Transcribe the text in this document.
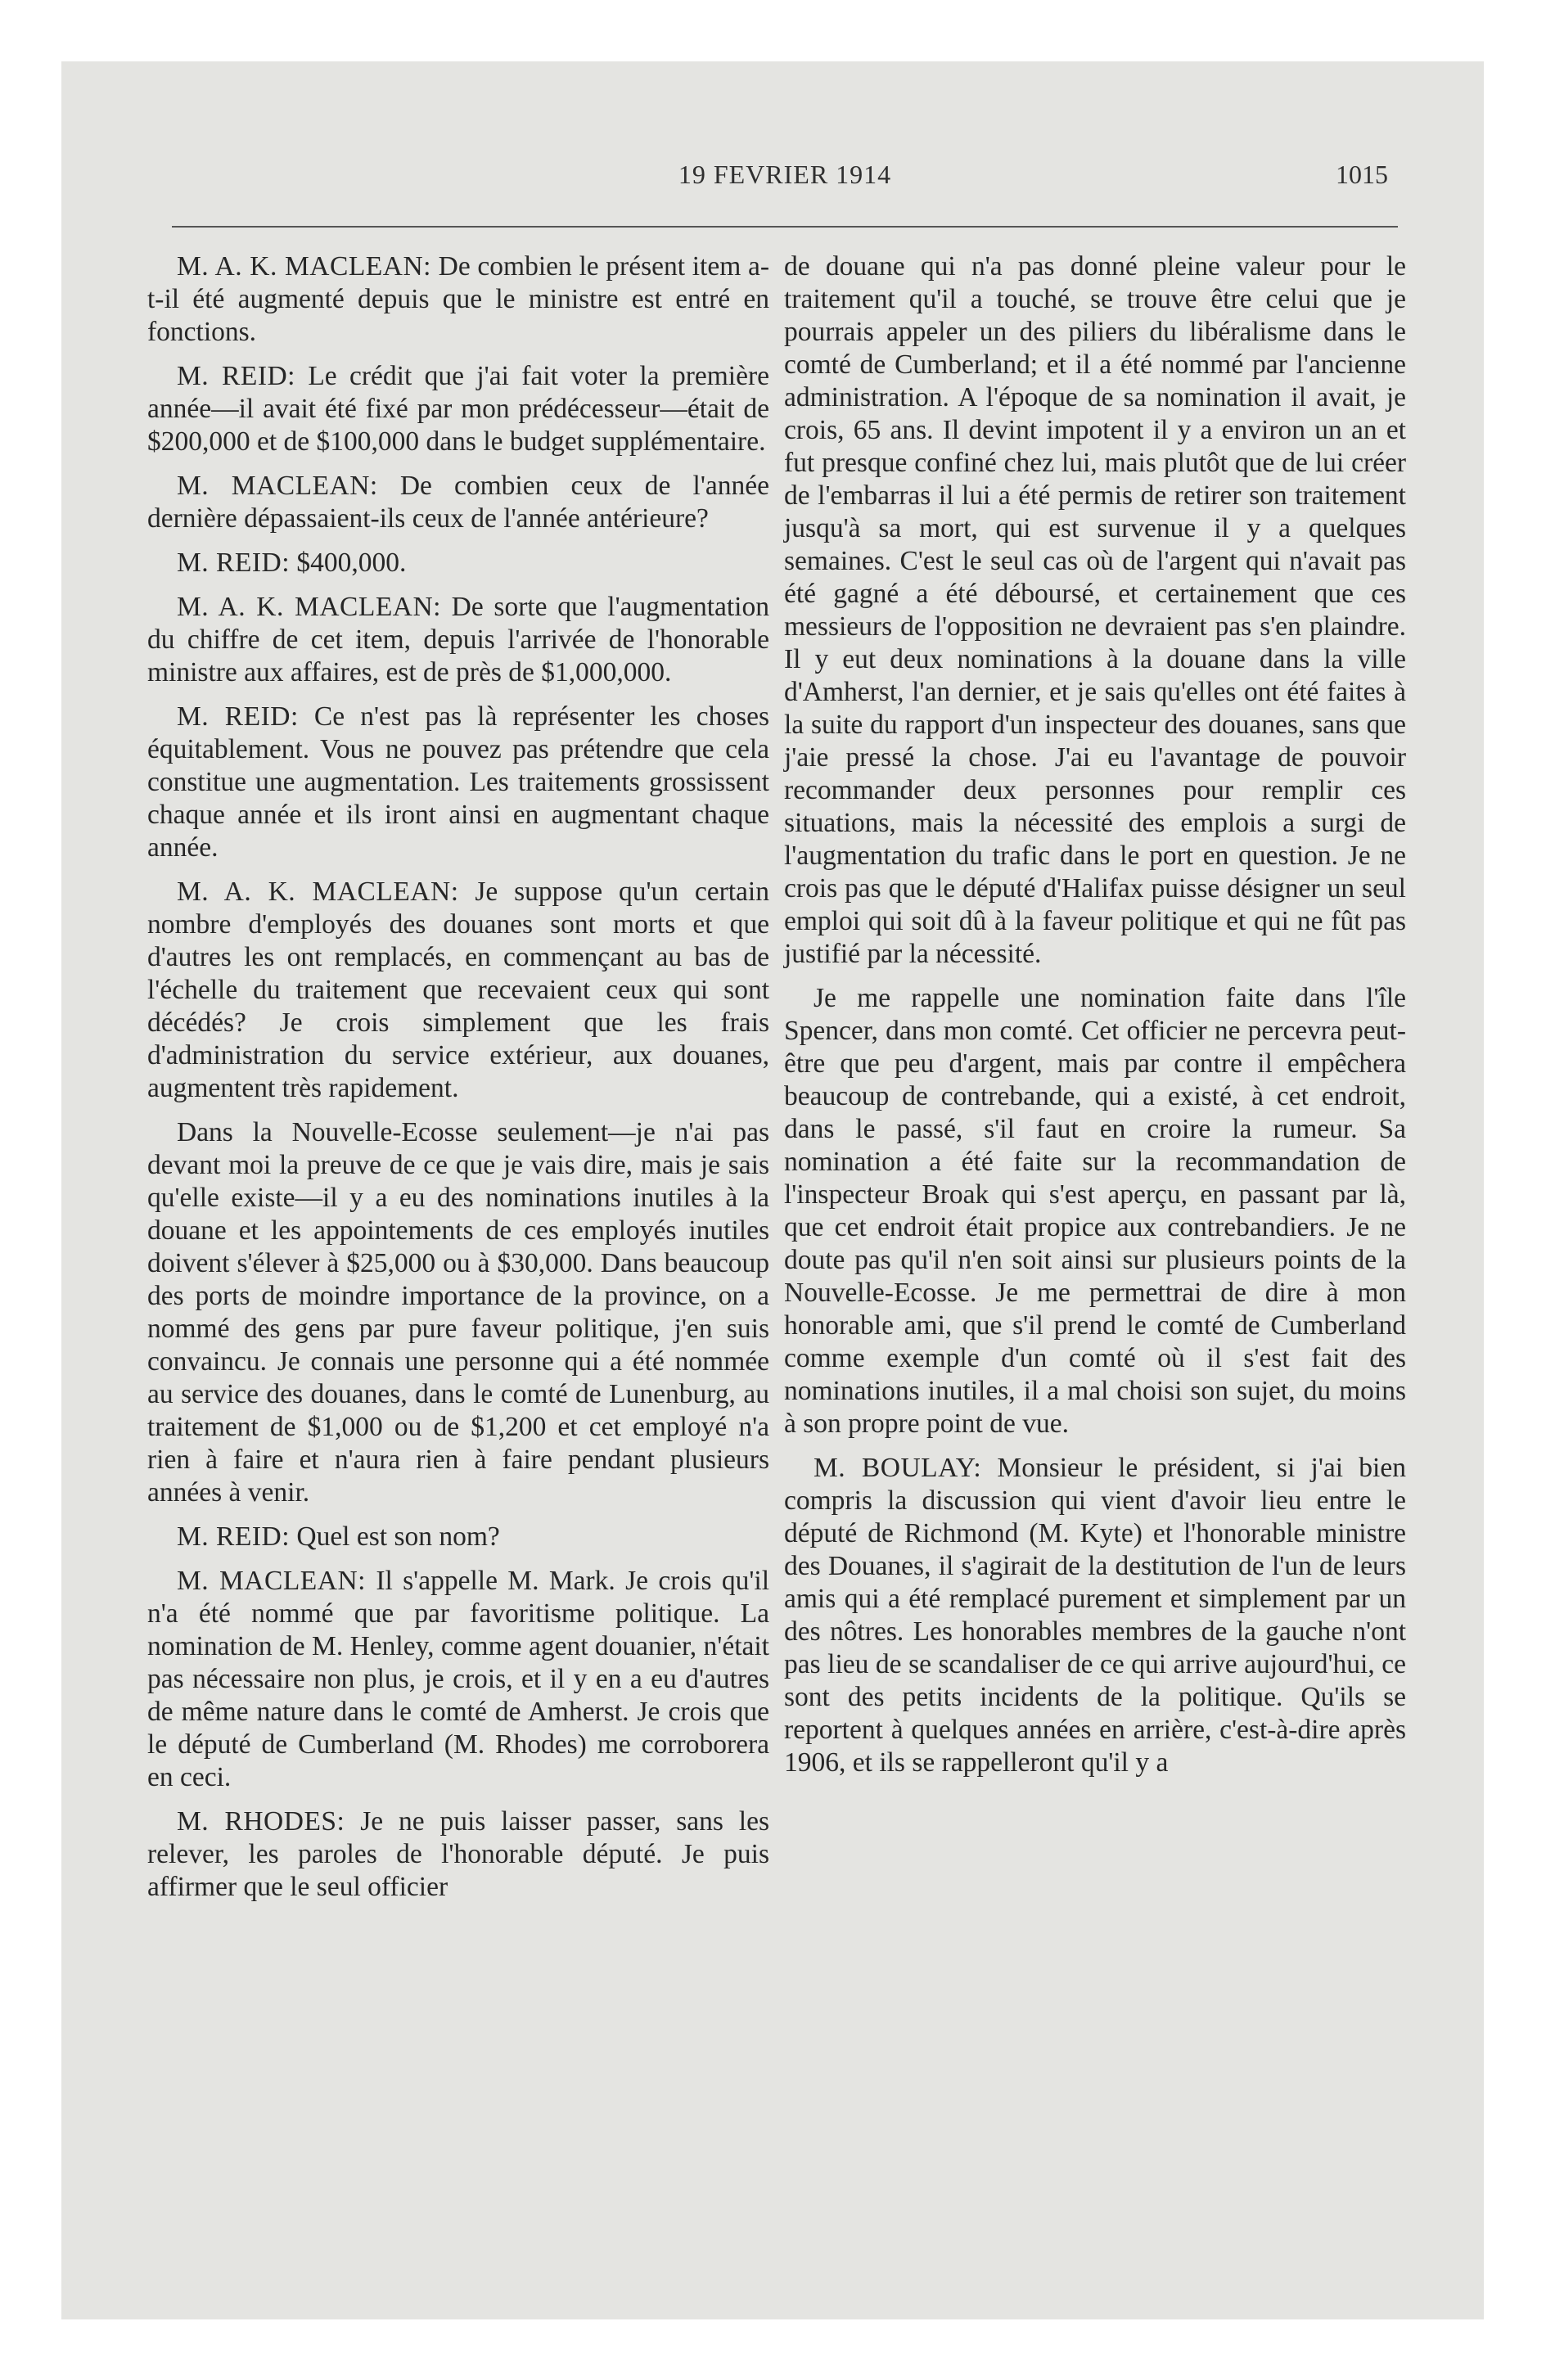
19 FEVRIER 1914	1015

M. A. K. MACLEAN: De combien le présent item a-t-il été augmenté depuis que le ministre est entré en fonctions.

M. REID: Le crédit que j'ai fait voter la première année—il avait été fixé par mon prédécesseur—était de $200,000 et de $100,000 dans le budget supplémentaire.

M. MACLEAN: De combien ceux de l'année dernière dépassaient-ils ceux de l'année antérieure?

M. REID: $400,000.

M. A. K. MACLEAN: De sorte que l'augmentation du chiffre de cet item, depuis l'arrivée de l'honorable ministre aux affaires, est de près de $1,000,000.

M. REID: Ce n'est pas là représenter les choses équitablement. Vous ne pouvez pas prétendre que cela constitue une augmentation. Les traitements grossissent chaque année et ils iront ainsi en augmentant chaque année.

M. A. K. MACLEAN: Je suppose qu'un certain nombre d'employés des douanes sont morts et que d'autres les ont remplacés, en commençant au bas de l'échelle du traitement que recevaient ceux qui sont décédés? Je crois simplement que les frais d'administration du service extérieur, aux douanes, augmentent très rapidement.

Dans la Nouvelle-Ecosse seulement—je n'ai pas devant moi la preuve de ce que je vais dire, mais je sais qu'elle existe—il y a eu des nominations inutiles à la douane et les appointements de ces employés inutiles doivent s'élever à $25,000 ou à $30,000. Dans beaucoup des ports de moindre importance de la province, on a nommé des gens par pure faveur politique, j'en suis convaincu. Je connais une personne qui a été nommée au service des douanes, dans le comté de Lunenburg, au traitement de $1,000 ou de $1,200 et cet employé n'a rien à faire et n'aura rien à faire pendant plusieurs années à venir.

M. REID: Quel est son nom?

M. MACLEAN: Il s'appelle M. Mark. Je crois qu'il n'a été nommé que par favoritisme politique. La nomination de M. Henley, comme agent douanier, n'était pas nécessaire non plus, je crois, et il y en a eu d'autres de même nature dans le comté de Amherst. Je crois que le député de Cumberland (M. Rhodes) me corroborera en ceci.

M. RHODES: Je ne puis laisser passer, sans les relever, les paroles de l'honorable député. Je puis affirmer que le seul officier

de douane qui n'a pas donné pleine valeur pour le traitement qu'il a touché, se trouve être celui que je pourrais appeler un des piliers du libéralisme dans le comté de Cumberland; et il a été nommé par l'ancienne administration. A l'époque de sa nomination il avait, je crois, 65 ans. Il devint impotent il y a environ un an et fut presque confiné chez lui, mais plutôt que de lui créer de l'embarras il lui a été permis de retirer son traitement jusqu'à sa mort, qui est survenue il y a quelques semaines. C'est le seul cas où de l'argent qui n'avait pas été gagné a été déboursé, et certainement que ces messieurs de l'opposition ne devraient pas s'en plaindre. Il y eut deux nominations à la douane dans la ville d'Amherst, l'an dernier, et je sais qu'elles ont été faites à la suite du rapport d'un inspecteur des douanes, sans que j'aie pressé la chose. J'ai eu l'avantage de pouvoir recommander deux personnes pour remplir ces situations, mais la nécessité des emplois a surgi de l'augmentation du trafic dans le port en question. Je ne crois pas que le député d'Halifax puisse désigner un seul emploi qui soit dû à la faveur politique et qui ne fût pas justifié par la nécessité.

Je me rappelle une nomination faite dans l'île Spencer, dans mon comté. Cet officier ne percevra peut-être que peu d'argent, mais par contre il empêchera beaucoup de contrebande, qui a existé, à cet endroit, dans le passé, s'il faut en croire la rumeur. Sa nomination a été faite sur la recommandation de l'inspecteur Broak qui s'est aperçu, en passant par là, que cet endroit était propice aux contrebandiers. Je ne doute pas qu'il n'en soit ainsi sur plusieurs points de la Nouvelle-Ecosse. Je me permettrai de dire à mon honorable ami, que s'il prend le comté de Cumberland comme exemple d'un comté où il s'est fait des nominations inutiles, il a mal choisi son sujet, du moins à son propre point de vue.

M. BOULAY: Monsieur le président, si j'ai bien compris la discussion qui vient d'avoir lieu entre le député de Richmond (M. Kyte) et l'honorable ministre des Douanes, il s'agirait de la destitution de l'un de leurs amis qui a été remplacé purement et simplement par un des nôtres. Les honorables membres de la gauche n'ont pas lieu de se scandaliser de ce qui arrive aujourd'hui, ce sont des petits incidents de la politique. Qu'ils se reportent à quelques années en arrière, c'est-à-dire après 1906, et ils se rappelleront qu'il y a
